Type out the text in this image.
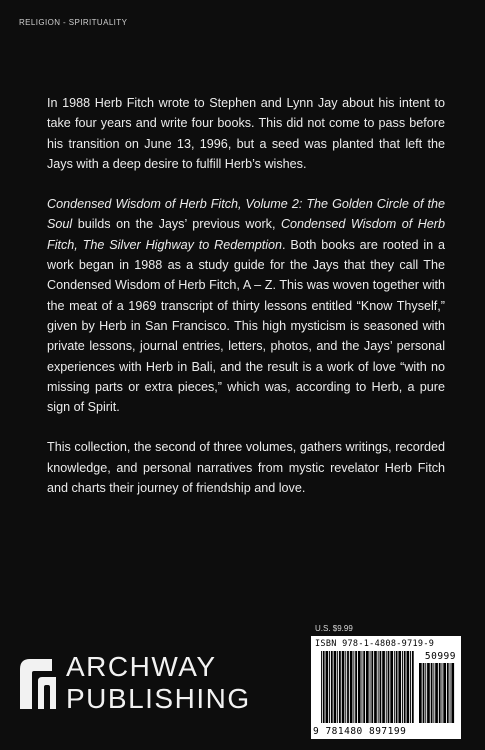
RELIGION - SPIRITUALITY

In 1988 Herb Fitch wrote to Stephen and Lynn Jay about his intent to take four years and write four books. This did not come to pass before his transition on June 13, 1996, but a seed was planted that left the Jays with a deep desire to fulfill Herb’s wishes.

Condensed Wisdom of Herb Fitch, Volume 2: The Golden Circle of the Soul builds on the Jays’ previous work, Condensed Wisdom of Herb Fitch, The Silver Highway to Redemption. Both books are rooted in a work began in 1988 as a study guide for the Jays that they call The Condensed Wisdom of Herb Fitch, A – Z. This was woven together with the meat of a 1969 transcript of thirty lessons entitled “Know Thyself,” given by Herb in San Francisco. This high mysticism is seasoned with private lessons, journal entries, letters, photos, and the Jays’ personal experiences with Herb in Bali, and the result is a work of love “with no missing parts or extra pieces,” which was, according to Herb, a pure sign of Spirit.

This collection, the second of three volumes, gathers writings, recorded knowledge, and personal narratives from mystic revelator Herb Fitch and charts their journey of friendship and love.

ARCHWAY
PUBLISHING
U.S. $9.99
ISBN 978-1-4808-9719-9
50999
9 781480 897199
